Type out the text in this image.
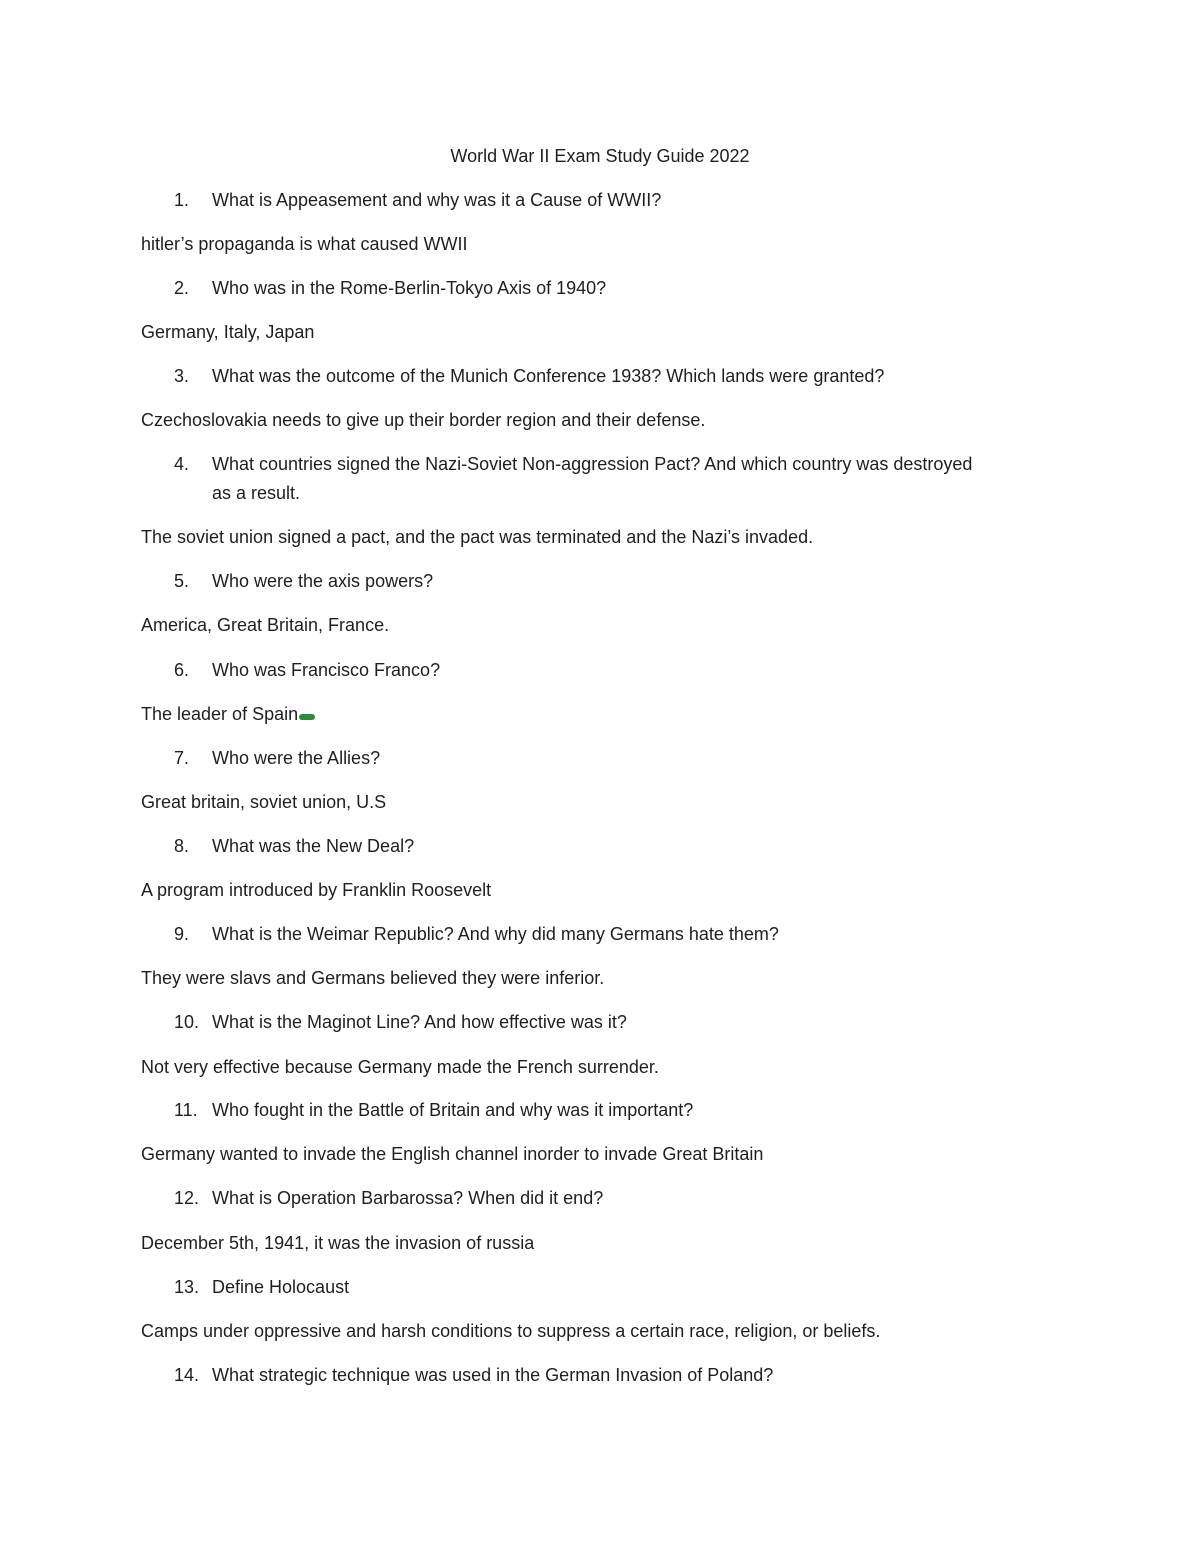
World War II Exam Study Guide 2022
1. What is Appeasement and why was it a Cause of WWII?
hitler’s propaganda is what caused WWII
2. Who was in the Rome-Berlin-Tokyo Axis of 1940?
Germany, Italy, Japan
3. What was the outcome of the Munich Conference 1938? Which lands were granted?
Czechoslovakia needs to give up their border region and their defense.
4. What countries signed the Nazi-Soviet Non-aggression Pact? And which country was destroyed
as a result.
The soviet union signed a pact, and the pact was terminated and the Nazi’s invaded.
5. Who were the axis powers?
America, Great Britain, France.
6. Who was Francisco Franco?
The leader of Spain
7. Who were the Allies?
Great britain, soviet union, U.S
8. What was the New Deal?
A program introduced by Franklin Roosevelt
9. What is the Weimar Republic? And why did many Germans hate them?
They were slavs and Germans believed they were inferior.
10. What is the Maginot Line? And how effective was it?
Not very effective because Germany made the French surrender.
11. Who fought in the Battle of Britain and why was it important?
Germany wanted to invade the English channel inorder to invade Great Britain
12. What is Operation Barbarossa? When did it end?
December 5th, 1941, it was the invasion of russia
13. Define Holocaust
Camps under oppressive and harsh conditions to suppress a certain race, religion, or beliefs.
14. What strategic technique was used in the German Invasion of Poland?
